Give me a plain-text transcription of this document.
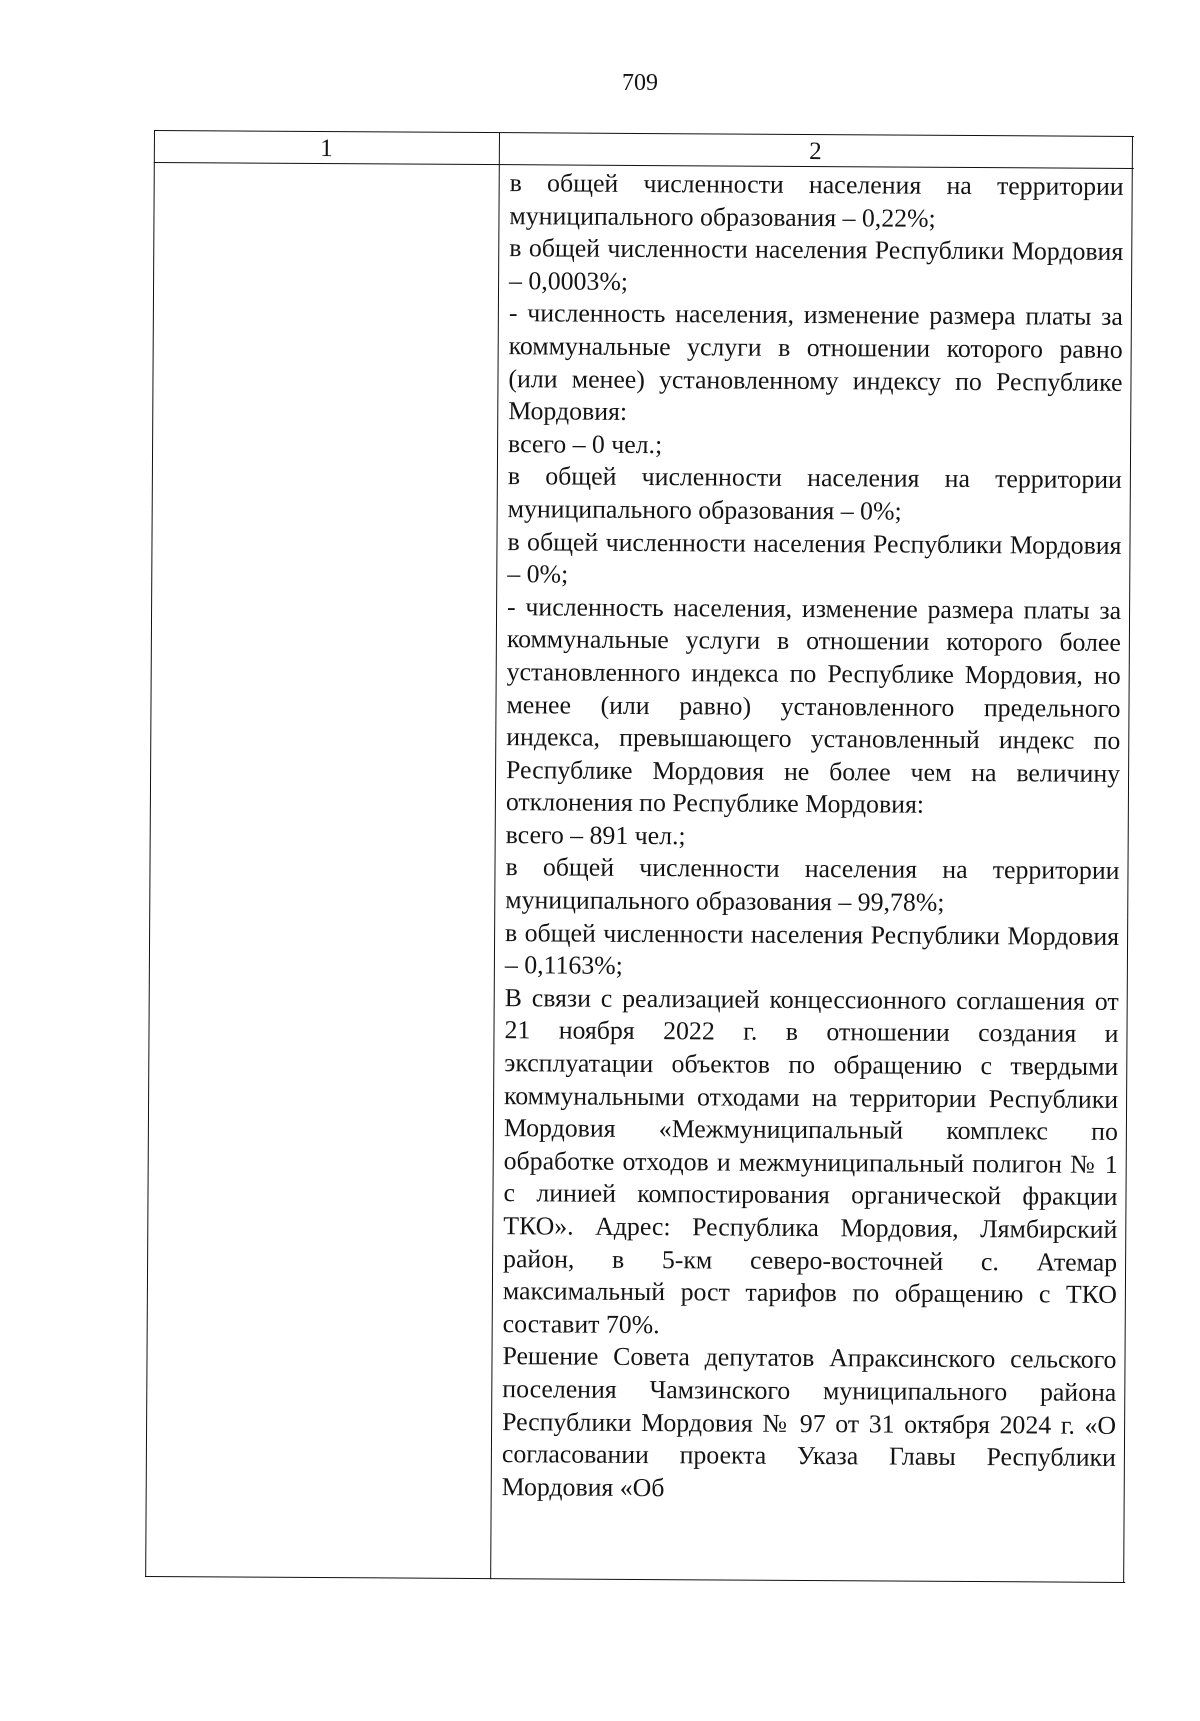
709
1	2

в общей численности населения на территории муниципального образования – 0,22%;

в общей численности населения Республики Мордовия – 0,0003%;

- численность населения, изменение размера платы за коммунальные услуги в отношении которого равно (или менее) установленному индексу по Республике Мордовия:

всего – 0 чел.;

в общей численности населения на территории муниципального образования – 0%;

в общей численности населения Республики Мордовия – 0%;

- численность населения, изменение размера платы за коммунальные услуги в отношении которого более установленного индекса по Республике Мордовия, но менее (или равно) установленного предельного индекса, превышающего установленный индекс по Республике Мордовия не более чем на величину отклонения по Республике Мордовия:

всего – 891 чел.;

в общей численности населения на территории муниципального образования – 99,78%;

в общей численности населения Республики Мордовия – 0,1163%;

В связи с реализацией концессионного соглашения от 21 ноября 2022 г. в отношении создания и эксплуатации объектов по обращению с твердыми коммунальными отходами на территории Республики Мордовия «Межмуниципальный комплекс по обработке отходов и межмуниципальный полигон № 1 с линией компостирования органической фракции ТКО». Адрес: Республика Мордовия, Лямбирский район, в 5-км северо-восточней с. Атемар максимальный рост тарифов по обращению с ТКО составит 70%.

Решение Совета депутатов Апраксинского сельского поселения Чамзинского муниципального района Республики Мордовия № 97 от 31 октября 2024 г. «О согласовании проекта Указа Главы Республики Мордовия «Об
